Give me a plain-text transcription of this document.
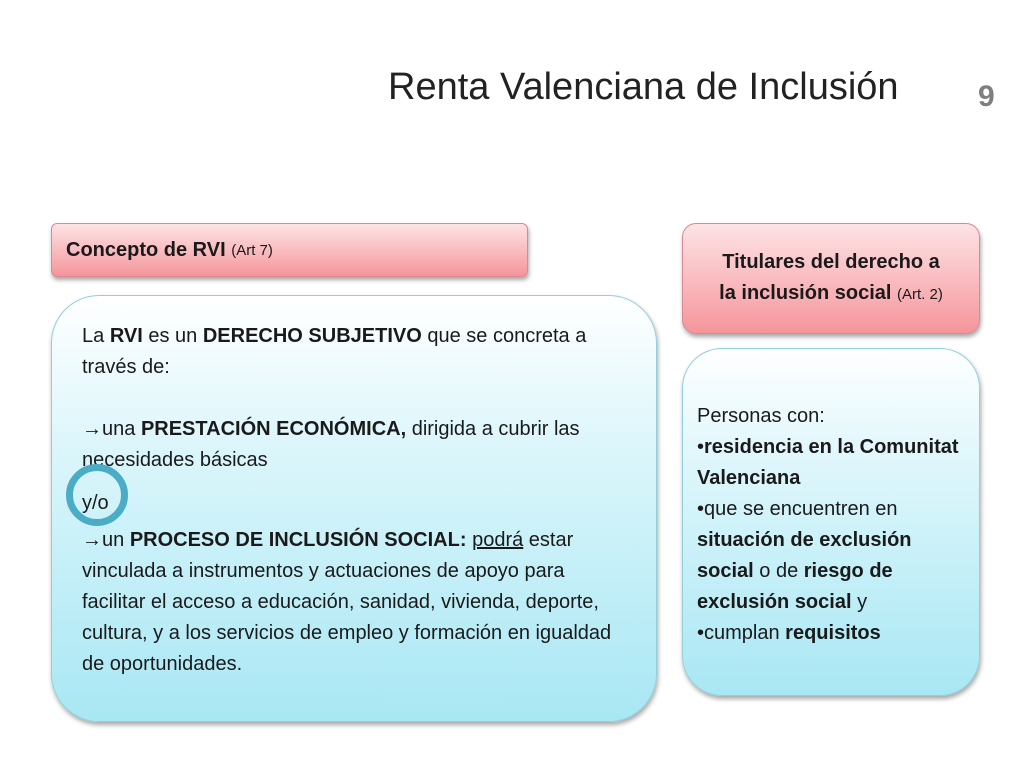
Renta Valenciana de Inclusión	9
Concepto de RVI
(Art 7)
Titulares del derecho a
la inclusión social (Art. 2)

La RVI es un DERECHO SUBJETIVO que se concreta a través de:

→una PRESTACIÓN ECONÓMICA, dirigida a cubrir las necesidades básicas

y/o

→un PROCESO DE INCLUSIÓN SOCIAL: podrá estar vinculada a instrumentos y actuaciones de apoyo para facilitar el acceso a educación, sanidad, vivienda, deporte, cultura, y a los servicios de empleo y formación en igualdad de oportunidades.

Personas con:

•residencia en la Comunitat Valenciana

•que se encuentren en situación de exclusión social o de riesgo de exclusión social y

•cumplan requisitos
